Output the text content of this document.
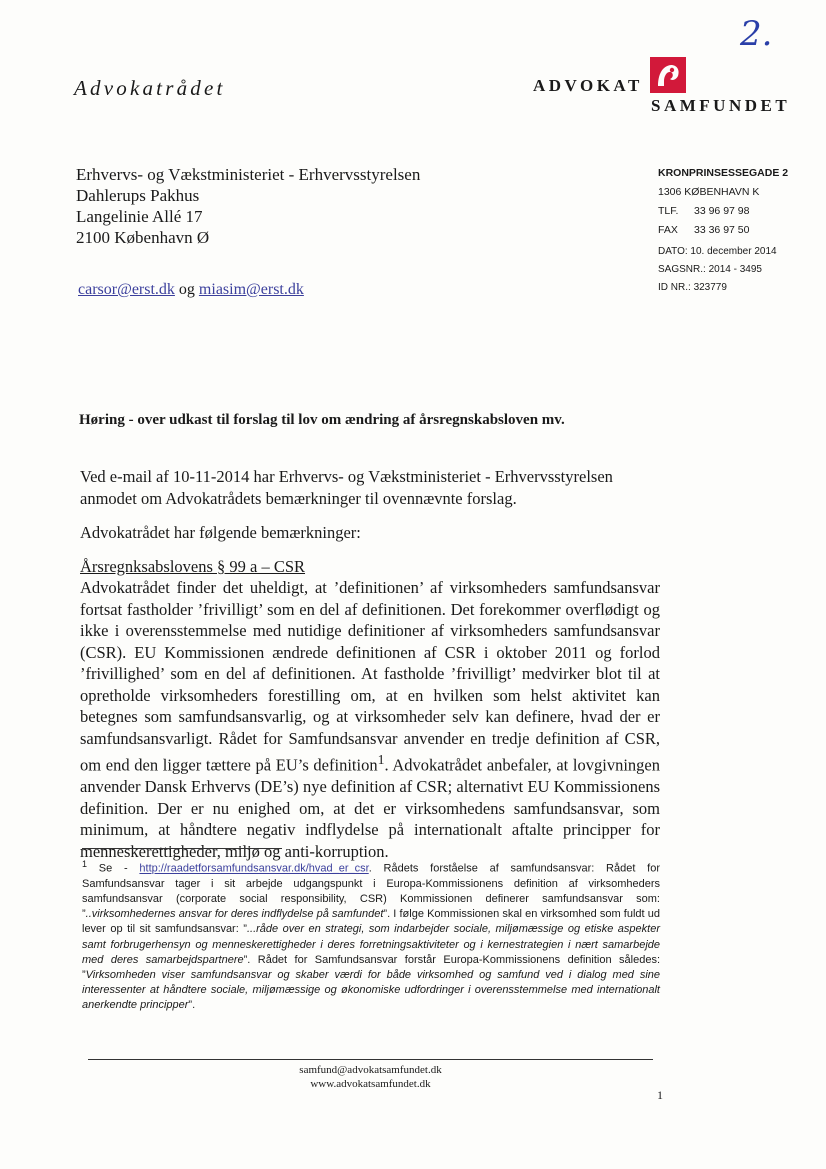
2.
Advokatrådet	ADVOKAT
SAMFUNDET
Erhvervs- og Vækstministeriet - Erhvervsstyrelsen
Dahlerups Pakhus
Langelinie Allé 17
2100 København Ø
carsor@erst.dk og miasim@erst.dk
KRONPRINSESSEGADE 2
1306 KØBENHAVN K
TLF. 33 96 97 98
FAX 33 36 97 50
DATO: 10. december 2014
SAGSNR.: 2014 - 3495
ID NR.: 323779
Høring - over udkast til forslag til lov om ændring af årsregnskabsloven mv.
Ved e-mail af 10-11-2014 har Erhvervs- og Vækstministeriet - Erhvervsstyrelsen anmodet om Advokatrådets bemærkninger til ovennævnte forslag.
Advokatrådet har følgende bemærkninger:
Årsregnksabslovens § 99 a – CSR
Advokatrådet finder det uheldigt, at ’definitionen’ af virksomheders samfundsansvar fortsat fastholder ’frivilligt’ som en del af definitionen. Det forekommer overflødigt og ikke i overensstemmelse med nutidige definitioner af virksomheders samfundsansvar (CSR). EU Kommissionen ændrede definitionen af CSR i oktober 2011 og forlod ’frivillighed’ som en del af definitionen. At fastholde ’frivilligt’ medvirker blot til at opretholde virksomheders forestilling om, at en hvilken som helst aktivitet kan betegnes som samfundsansvarlig, og at virksomheder selv kan definere, hvad der er samfundsansvarligt. Rådet for Samfundsansvar anvender en tredje definition af CSR, om end den ligger tættere på EU’s definition$^1$. Advokatrådet anbefaler, at lovgivningen anvender Dansk Erhvervs (DE’s) nye definition af CSR; alternativt EU Kommissionens definition. Der er nu enighed om, at det er virksomhedens samfundsansvar, som minimum, at håndtere negativ indflydelse på internationalt aftalte principper for menneskerettigheder, miljø og anti-korruption.
$^1$ Se - http://raadetforsamfundsansvar.dk/hvad_er_csr. Rådets forståelse af samfundsansvar: Rådet for Samfundsansvar tager i sit arbejde udgangspunkt i Europa-Kommissionens definition af virksomheders samfundsansvar (corporate social responsibility, CSR) Kommissionen definerer samfundsansvar som: ”..virksomhedernes ansvar for deres indflydelse på samfundet”. I følge Kommissionen skal en virksomhed som fuldt ud lever op til sit samfundsansvar: ”...råde over en strategi, som indarbejder sociale, miljømæssige og etiske aspekter samt forbrugerhensyn og menneskerettigheder i deres forretningsaktiviteter og i kernestrategien i nært samarbejde med deres samarbejdspartnere”. Rådet for Samfundsansvar forstår Europa-Kommissionens definition således: ”Virksomheden viser samfundsansvar og skaber værdi for både virksomhed og samfund ved i dialog med sine interessenter at håndtere sociale, miljømæssige og økonomiske udfordringer i overensstemmelse med internationalt anerkendte principper”.
samfund@advokatsamfundet.dk
www.advokatsamfundet.dk
1
